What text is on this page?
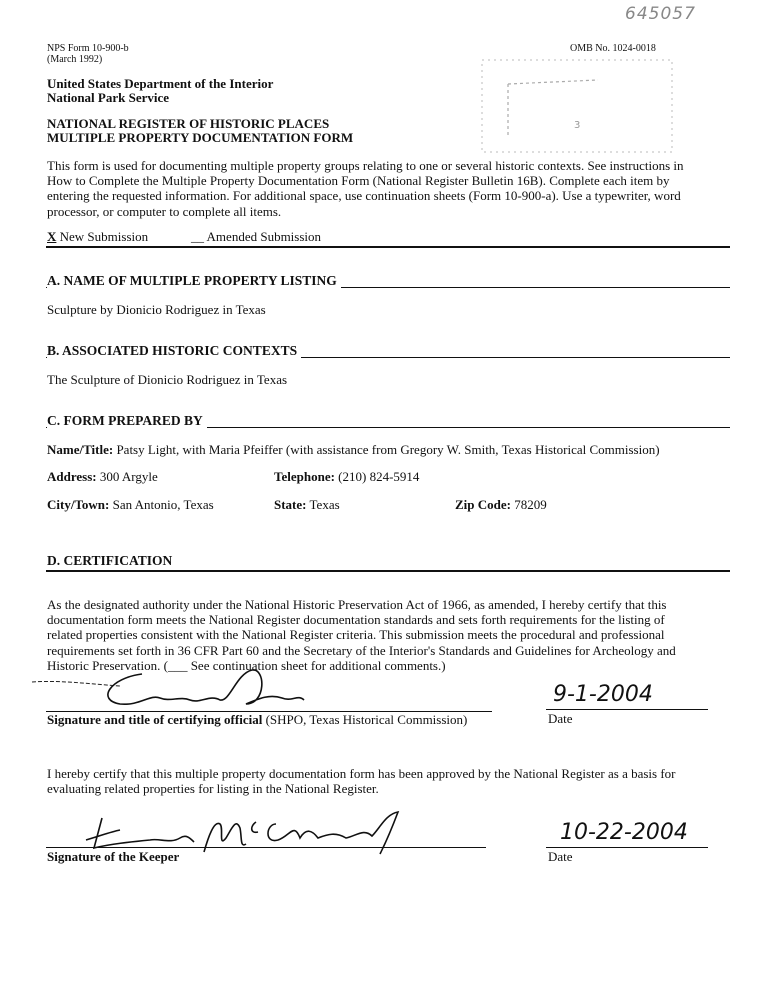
645057
NPS Form 10-900-b
(March 1992)
OMB No. 1024-0018
United States Department of the Interior
National Park Service
NATIONAL REGISTER OF HISTORIC PLACES
MULTIPLE PROPERTY DOCUMENTATION FORM
3
This form is used for documenting multiple property groups relating to one or several historic contexts. See instructions in
How to Complete the Multiple Property Documentation Form (National Register Bulletin 16B). Complete each item by
entering the requested information. For additional space, use continuation sheets (Form 10-900-a). Use a typewriter, word
processor, or computer to complete all items.
X New Submission	__ Amended Submission
A. NAME OF MULTIPLE PROPERTY LISTING
Sculpture by Dionicio Rodriguez in Texas
B. ASSOCIATED HISTORIC CONTEXTS
The Sculpture of Dionicio Rodriguez in Texas
C. FORM PREPARED BY
Name/Title: Patsy Light, with Maria Pfeiffer (with assistance from Gregory W. Smith, Texas Historical Commission)
Address: 300 Argyle	Telephone: (210) 824-5914
City/Town: San Antonio, Texas	State: Texas	Zip Code: 78209
D. CERTIFICATION
As the designated authority under the National Historic Preservation Act of 1966, as amended, I hereby certify that this
documentation form meets the National Register documentation standards and sets forth requirements for the listing of
related properties consistent with the National Register criteria. This submission meets the procedural and professional
requirements set forth in 36 CFR Part 60 and the Secretary of the Interior's Standards and Guidelines for Archeology and
Historic Preservation. (___ See continuation sheet for additional comments.)
Signature and title of certifying official (SHPO, Texas Historical Commission)
9-1-2004
Date
I hereby certify that this multiple property documentation form has been approved by the National Register as a basis for
evaluating related properties for listing in the National Register.
Signature of the Keeper
10-22-2004
Date
